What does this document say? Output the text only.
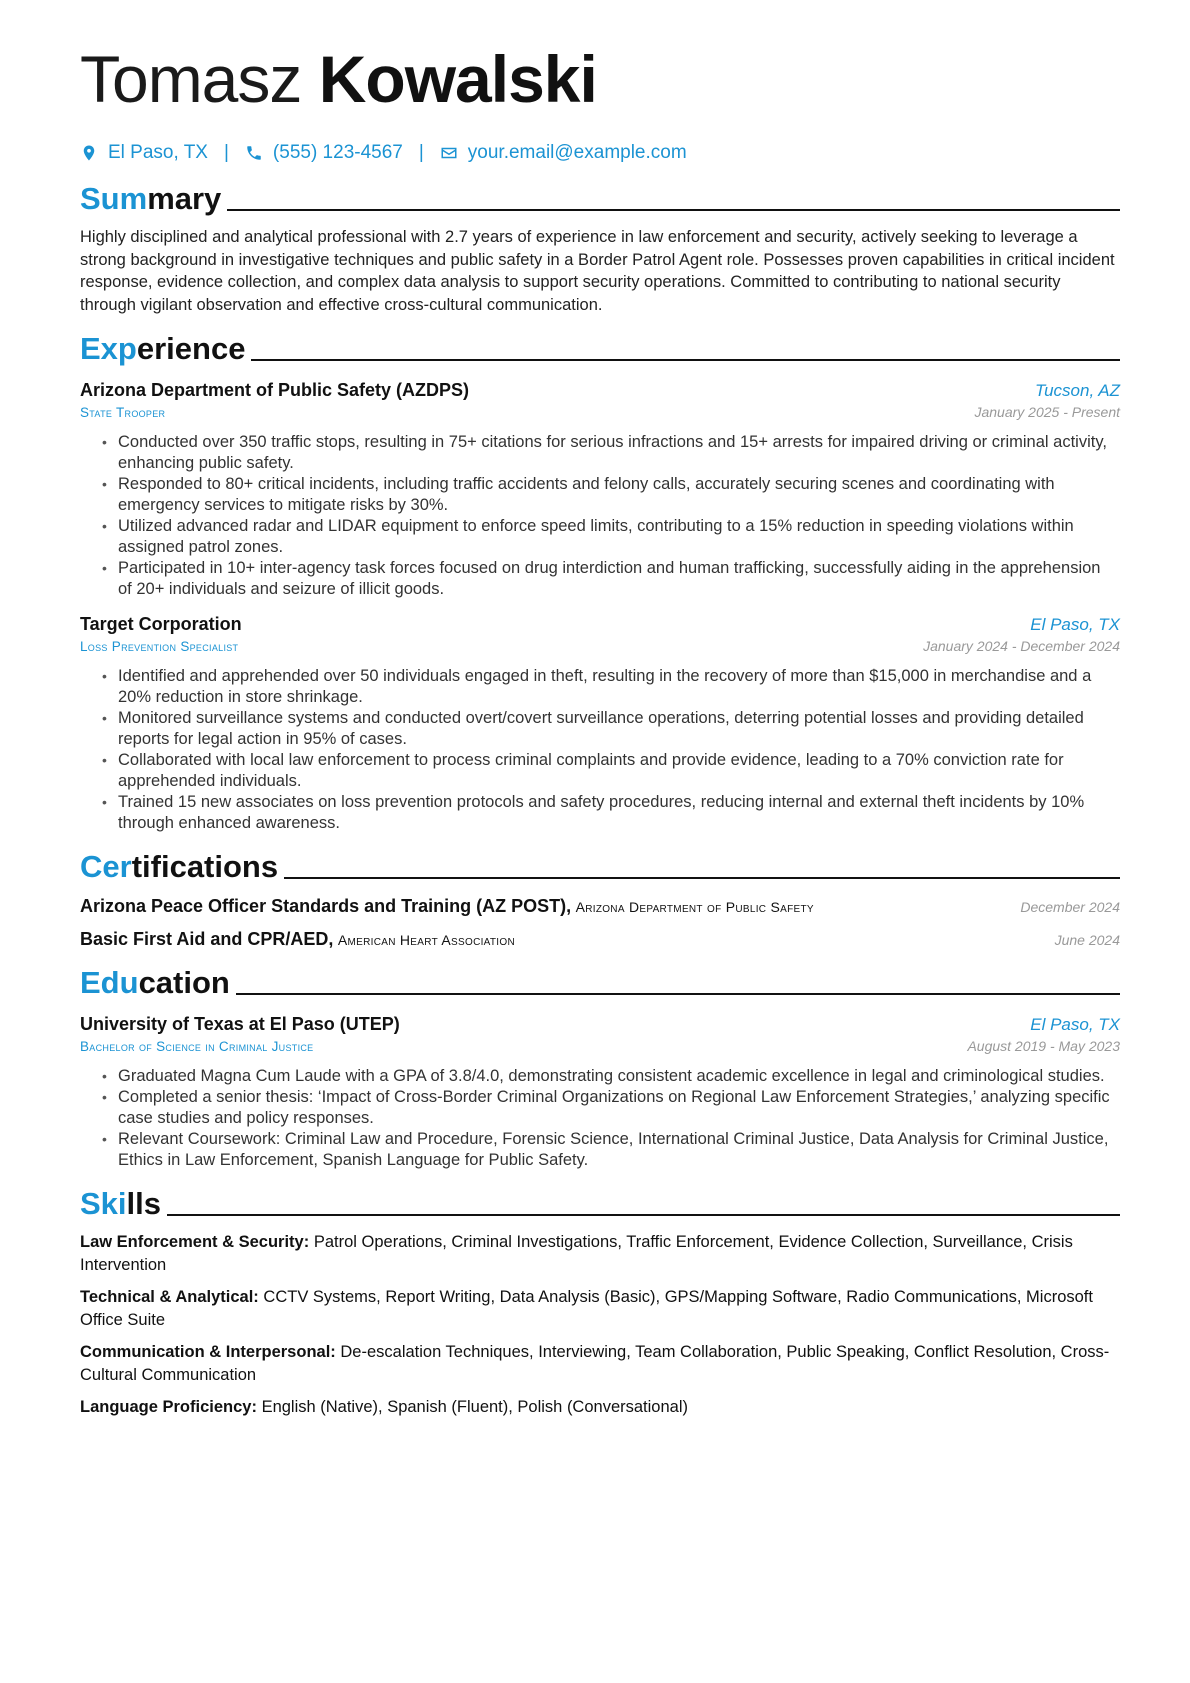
Tomasz Kowalski
El Paso, TX | (555) 123-4567 | your.email@example.com
Summary
Highly disciplined and analytical professional with 2.7 years of experience in law enforcement and security, actively seeking to leverage a strong background in investigative techniques and public safety in a Border Patrol Agent role. Possesses proven capabilities in critical incident response, evidence collection, and complex data analysis to support security operations. Committed to contributing to national security through vigilant observation and effective cross-cultural communication.
Experience
Arizona Department of Public Safety (AZDPS)	Tucson, AZ
State Trooper	January 2025 - Present
• Conducted over 350 traffic stops, resulting in 75+ citations for serious infractions and 15+ arrests for impaired driving or criminal activity, enhancing public safety.
• Responded to 80+ critical incidents, including traffic accidents and felony calls, accurately securing scenes and coordinating with emergency services to mitigate risks by 30%.
• Utilized advanced radar and LIDAR equipment to enforce speed limits, contributing to a 15% reduction in speeding violations within assigned patrol zones.
• Participated in 10+ inter-agency task forces focused on drug interdiction and human trafficking, successfully aiding in the apprehension of 20+ individuals and seizure of illicit goods.
Target Corporation	El Paso, TX
Loss Prevention Specialist	January 2024 - December 2024
• Identified and apprehended over 50 individuals engaged in theft, resulting in the recovery of more than $15,000 in merchandise and a 20% reduction in store shrinkage.
• Monitored surveillance systems and conducted overt/covert surveillance operations, deterring potential losses and providing detailed reports for legal action in 95% of cases.
• Collaborated with local law enforcement to process criminal complaints and provide evidence, leading to a 70% conviction rate for apprehended individuals.
• Trained 15 new associates on loss prevention protocols and safety procedures, reducing internal and external theft incidents by 10% through enhanced awareness.
Certifications
Arizona Peace Officer Standards and Training (AZ POST), Arizona Department of Public Safety	December 2024
Basic First Aid and CPR/AED, American Heart Association	June 2024
Education
University of Texas at El Paso (UTEP)	El Paso, TX
Bachelor of Science in Criminal Justice	August 2019 - May 2023
• Graduated Magna Cum Laude with a GPA of 3.8/4.0, demonstrating consistent academic excellence in legal and criminological studies.
• Completed a senior thesis: ‘Impact of Cross-Border Criminal Organizations on Regional Law Enforcement Strategies,’ analyzing specific case studies and policy responses.
• Relevant Coursework: Criminal Law and Procedure, Forensic Science, International Criminal Justice, Data Analysis for Criminal Justice, Ethics in Law Enforcement, Spanish Language for Public Safety.
Skills
Law Enforcement & Security: Patrol Operations, Criminal Investigations, Traffic Enforcement, Evidence Collection, Surveillance, Crisis Intervention
Technical & Analytical: CCTV Systems, Report Writing, Data Analysis (Basic), GPS/Mapping Software, Radio Communications, Microsoft Office Suite
Communication & Interpersonal: De-escalation Techniques, Interviewing, Team Collaboration, Public Speaking, Conflict Resolution, Cross-Cultural Communication
Language Proficiency: English (Native), Spanish (Fluent), Polish (Conversational)
